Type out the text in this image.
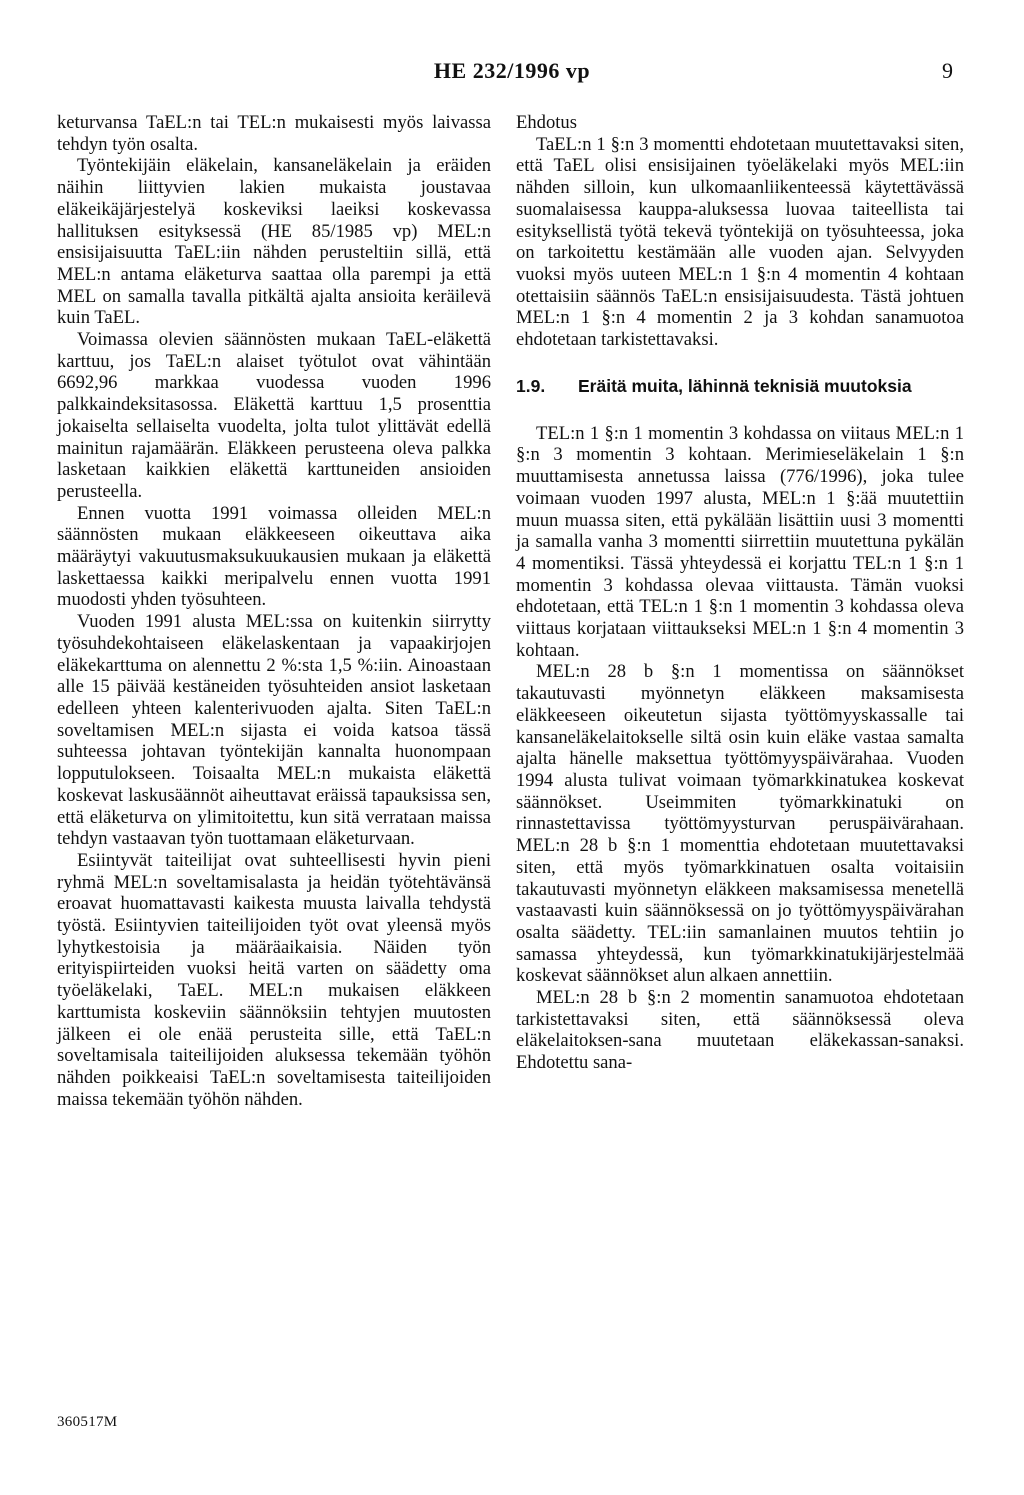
HE 232/1996 vp	9

keturvansa TaEL:n tai TEL:n mukaisesti myös laivassa tehdyn työn osalta.

Työntekijäin eläkelain, kansaneläkelain ja eräiden näihin liittyvien lakien mukaista joustavaa eläkeikäjärjestelyä koskeviksi laeiksi koskevassa hallituksen esityksessä (HE 85/1985 vp) MEL:n ensisijaisuutta TaEL:iin nähden perusteltiin sillä, että MEL:n antama eläketurva saattaa olla parempi ja että MEL on samalla tavalla pitkältä ajalta ansioita keräilevä kuin TaEL.

Voimassa olevien säännösten mukaan TaEL-eläkettä karttuu, jos TaEL:n alaiset työtulot ovat vähintään 6692,96 markkaa vuodessa vuoden 1996 palkkaindeksitasossa. Eläkettä karttuu 1,5 prosenttia jokaiselta sellaiselta vuodelta, jolta tulot ylittävät edellä mainitun rajamäärän. Eläkkeen perusteena oleva palkka lasketaan kaikkien eläkettä karttuneiden ansioiden perusteella.

Ennen vuotta 1991 voimassa olleiden MEL:n säännösten mukaan eläkkeeseen oikeuttava aika määräytyi vakuutusmaksukuukausien mukaan ja eläkettä laskettaessa kaikki meripalvelu ennen vuotta 1991 muodosti yhden työsuhteen.

Vuoden 1991 alusta MEL:ssa on kuitenkin siirrytty työsuhdekohtaiseen eläkelaskentaan ja vapaakirjojen eläkekarttuma on alennettu 2 %:sta 1,5 %:iin. Ainoastaan alle 15 päivää kestäneiden työsuhteiden ansiot lasketaan edelleen yhteen kalenterivuoden ajalta. Siten TaEL:n soveltamisen MEL:n sijasta ei voida katsoa tässä suhteessa johtavan työntekijän kannalta huonompaan lopputulokseen. Toisaalta MEL:n mukaista eläkettä koskevat laskusäännöt aiheuttavat eräissä tapauksissa sen, että eläketurva on ylimitoitettu, kun sitä verrataan maissa tehdyn vastaavan työn tuottamaan eläketurvaan.

Esiintyvät taiteilijat ovat suhteellisesti hyvin pieni ryhmä MEL:n soveltamisalasta ja heidän työtehtävänsä eroavat huomattavasti kaikesta muusta laivalla tehdystä työstä. Esiintyvien taiteilijoiden työt ovat yleensä myös lyhytkestoisia ja määräaikaisia. Näiden työn erityispiirteiden vuoksi heitä varten on säädetty oma työeläkelaki, TaEL. MEL:n mukaisen eläkkeen karttumista koskeviin säännöksiin tehtyjen muutosten jälkeen ei ole enää perusteita sille, että TaEL:n soveltamisala taiteilijoiden aluksessa tekemään työhön nähden poikkeaisi TaEL:n soveltamisesta taiteilijoiden maissa tekemään työhön nähden.

Ehdotus

TaEL:n 1 §:n 3 momentti ehdotetaan muutettavaksi siten, että TaEL olisi ensisijainen työeläkelaki myös MEL:iin nähden silloin, kun ulkomaanliikenteessä käytettävässä suomalaisessa kauppa-aluksessa luovaa taiteellista tai esityksellistä työtä tekevä työntekijä on työsuhteessa, joka on tarkoitettu kestämään alle vuoden ajan. Selvyyden vuoksi myös uuteen MEL:n 1 §:n 4 momentin 4 kohtaan otettaisiin säännös TaEL:n ensisijaisuudesta. Tästä johtuen MEL:n 1 §:n 4 momentin 2 ja 3 kohdan sanamuotoa ehdotetaan tarkistettavaksi.

1.9.	Eräitä muita, lähinnä teknisiä muutoksia

TEL:n 1 §:n 1 momentin 3 kohdassa on viitaus MEL:n 1 §:n 3 momentin 3 kohtaan. Merimieseläkelain 1 §:n muuttamisesta annetussa laissa (776/1996), joka tulee voimaan vuoden 1997 alusta, MEL:n 1 §:ää muutettiin muun muassa siten, että pykälään lisättiin uusi 3 momentti ja samalla vanha 3 momentti siirrettiin muutettuna pykälän 4 momentiksi. Tässä yhteydessä ei korjattu TEL:n 1 §:n 1 momentin 3 kohdassa olevaa viittausta. Tämän vuoksi ehdotetaan, että TEL:n 1 §:n 1 momentin 3 kohdassa oleva viittaus korjataan viittaukseksi MEL:n 1 §:n 4 momentin 3 kohtaan.

MEL:n 28 b §:n 1 momentissa on säännökset takautuvasti myönnetyn eläkkeen maksamisesta eläkkeeseen oikeutetun sijasta työttömyyskassalle tai kansaneläkelaitokselle siltä osin kuin eläke vastaa samalta ajalta hänelle maksettua työttömyyspäivärahaa. Vuoden 1994 alusta tulivat voimaan työmarkkinatukea koskevat säännökset. Useimmiten työmarkkinatuki on rinnastettavissa työttömyysturvan peruspäivärahaan. MEL:n 28 b §:n 1 momenttia ehdotetaan muutettavaksi siten, että myös työmarkkinatuen osalta voitaisiin takautuvasti myönnetyn eläkkeen maksamisessa menetellä vastaavasti kuin säännöksessä on jo työttömyyspäivärahan osalta säädetty. TEL:iin samanlainen muutos tehtiin jo samassa yhteydessä, kun työmarkkinatukijärjestelmää koskevat säännökset alun alkaen annettiin.

MEL:n 28 b §:n 2 momentin sanamuotoa ehdotetaan tarkistettavaksi siten, että säännöksessä oleva eläkelaitoksen-sana muutetaan eläkekassan-sanaksi. Ehdotettu sana-

360517M
